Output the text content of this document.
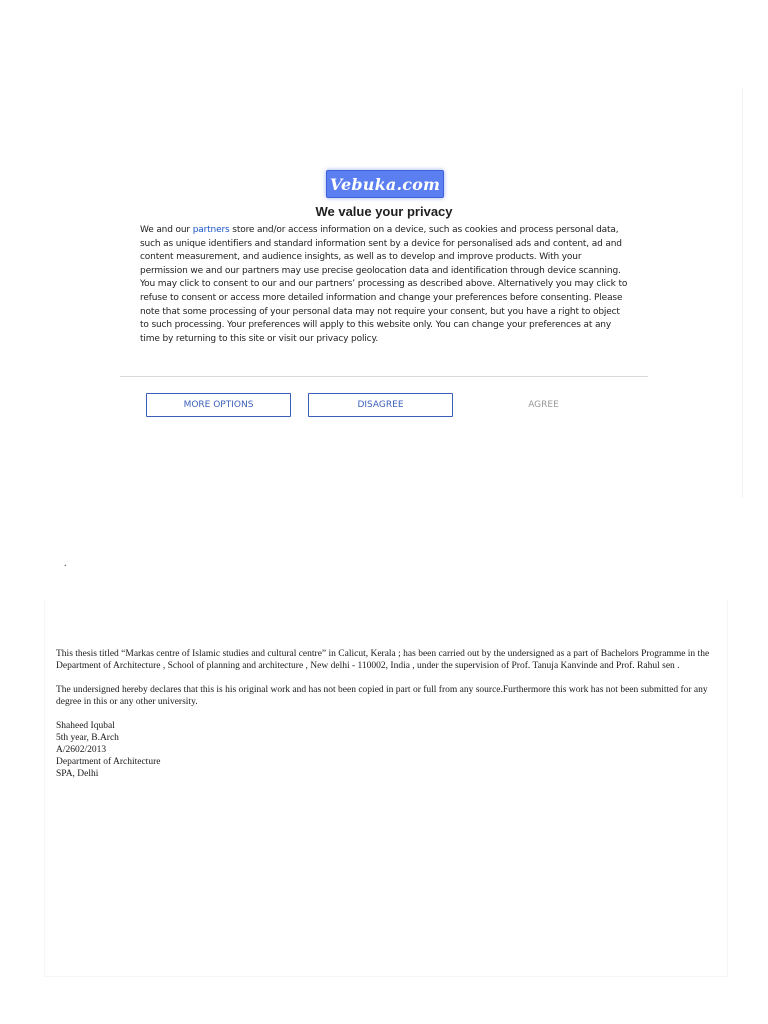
Vebuka.com
We value your privacy
We and our partners store and/or access information on a device, such as cookies and process personal data, such as unique identifiers and standard information sent by a device for personalised ads and content, ad and content measurement, and audience insights, as well as to develop and improve products. With your permission we and our partners may use precise geolocation data and identification through device scanning. You may click to consent to our and our partners’ processing as described above. Alternatively you may click to refuse to consent or access more detailed information and change your preferences before consenting. Please note that some processing of your personal data may not require your consent, but you have a right to object to such processing. Your preferences will apply to this website only. You can change your preferences at any time by returning to this site or visit our privacy policy.
MORE OPTIONS	DISAGREE	AGREE
.

This thesis titled “Markas centre of Islamic studies and cultural centre” in Calicut, Kerala ; has been carried out by the undersigned as a part of Bachelors Programme in the Department of Architecture , School of planning and architecture , New delhi - 110002, India , under the supervision of Prof. Tanuja Kanvinde and Prof. Rahul sen .

The undersigned hereby declares that this is his original work and has not been copied in part or full from any source.Furthermore this work has not been submitted for any degree in this or any other university.

Shaheed Iqubal
5th year, B.Arch
A/2602/2013
Department of Architecture
SPA, Delhi
